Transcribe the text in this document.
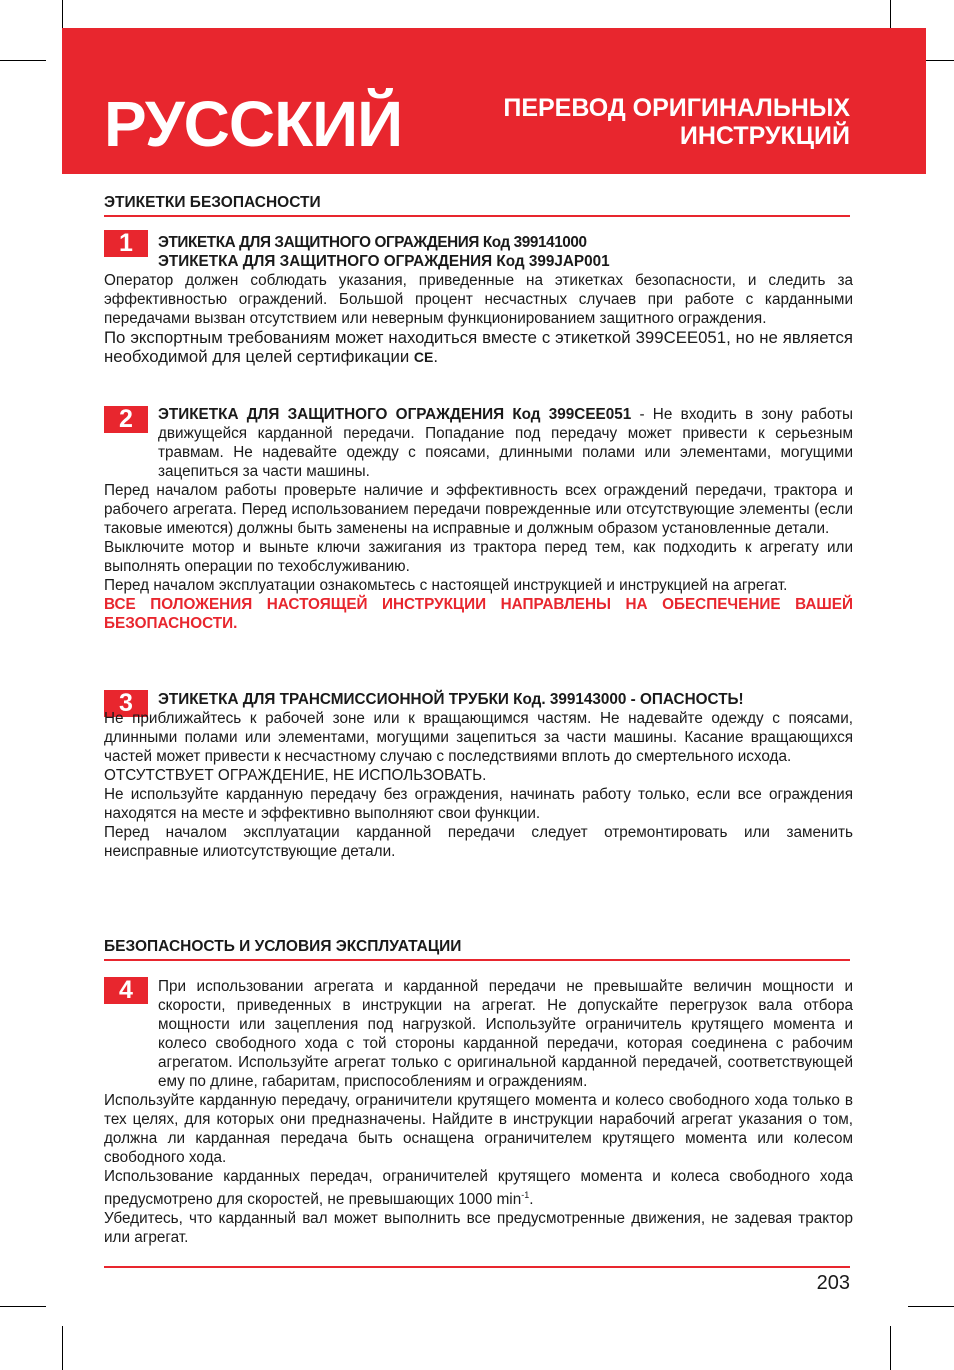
РУССКИЙ	ПЕРЕВОД ОРИГИНАЛЬНЫХ
ИНСТРУКЦИЙ
ЭТИКЕТКИ БЕЗОПАСНОСТИ
1	ЭТИКЕТКА ДЛЯ ЗАЩИТНОГО ОГРАЖДЕНИЯ Код 399141000

ЭТИКЕТКА ДЛЯ ЗАЩИТНОГО ОГРАЖДЕНИЯ Код 399JAP001

Оператор должен соблюдать указания, приведенные на этикетках безопасности, и следить за эффективностью ограждений. Большой процент несчастных случаев при работе с карданными передачами вызван отсутствием или неверным функционированием защитного ограждения.

По экспортным требованиям может находиться вместе с этикеткой 399CEE051, но не является необходимой для целей сертификации CE.

2	ЭТИКЕТКА ДЛЯ ЗАЩИТНОГО ОГРАЖДЕНИЯ Код 399CEE051 - Не входить в зону работы движущейся карданной передачи. Попадание под передачу может привести к серьезным травмам. Не надевайте одежду с поясами, длинными полами или элементами, могущими зацепиться за части машины.

Перед началом работы проверьте наличие и эффективность всех ограждений передачи, трактора и рабочего агрегата. Перед использованием передачи поврежденные или отсутствующие элементы (если таковые имеются) должны быть заменены на исправные и должным образом установленные детали.

Выключите мотор и выньте ключи зажигания из трактора перед тем, как подходить к агрегату или выполнять операции по техобслуживанию.

Перед началом эксплуатации ознакомьтесь с настоящей инструкцией и инструкцией на агрегат.

ВСЕ ПОЛОЖЕНИЯ НАСТОЯЩЕЙ ИНСТРУКЦИИ НАПРАВЛЕНЫ НА ОБЕСПЕЧЕНИЕ ВАШЕЙ БЕЗОПАСНОСТИ.

3	ЭТИКЕТКА ДЛЯ ТРАНСМИССИОННОЙ ТРУБКИ Код. 399143000 - ОПАСНОСТЬ!

Не приближайтесь к рабочей зоне или к вращающимся частям. Не надевайте одежду с поясами, длинными полами или элементами, могущими зацепиться за части машины. Касание вращающихся частей может привести к несчастному случаю с последствиями вплоть до смертельного исхода.

ОТСУТСТВУЕТ ОГРАЖДЕНИЕ, НЕ ИСПОЛЬЗОВАТЬ.

Не используйте карданную передачу без ограждения, начинать работу только, если все ограждения находятся на месте и эффективно выполняют свои функции.

Перед началом эксплуатации карданной передачи следует отремонтировать или заменить неисправные илиотсутствующие детали.

БЕЗОПАСНОСТЬ И УСЛОВИЯ ЭКСПЛУАТАЦИИ
4	При использовании агрегата и карданной передачи не превышайте величин мощности и скорости, приведенных в инструкции на агрегат. Не допускайте перегрузок вала отбора мощности или зацепления под нагрузкой. Используйте ограничитель крутящего момента и колесо свободного хода с той стороны карданной передачи, которая соединена с рабочим агрегатом. Используйте агрегат только с оригинальной карданной передачей, соответствующей ему по длине, габаритам, приспособлениям и ограждениям.

Используйте карданную передачу, ограничители крутящего момента и колесо свободного хода только в тех целях, для которых они предназначены. Найдите в инструкции нарабочий агрегат указания о том, должна ли карданная передача быть оснащена ограничителем крутящего момента или колесом свободного хода.

Использование карданных передач, ограничителей крутящего момента и колеса свободного хода предусмотрено для скоростей, не превышающих 1000 $\min^{-1}$.

Убедитесь, что карданный вал может выполнить все предусмотренные движения, не задевая трактор или агрегат.

203
